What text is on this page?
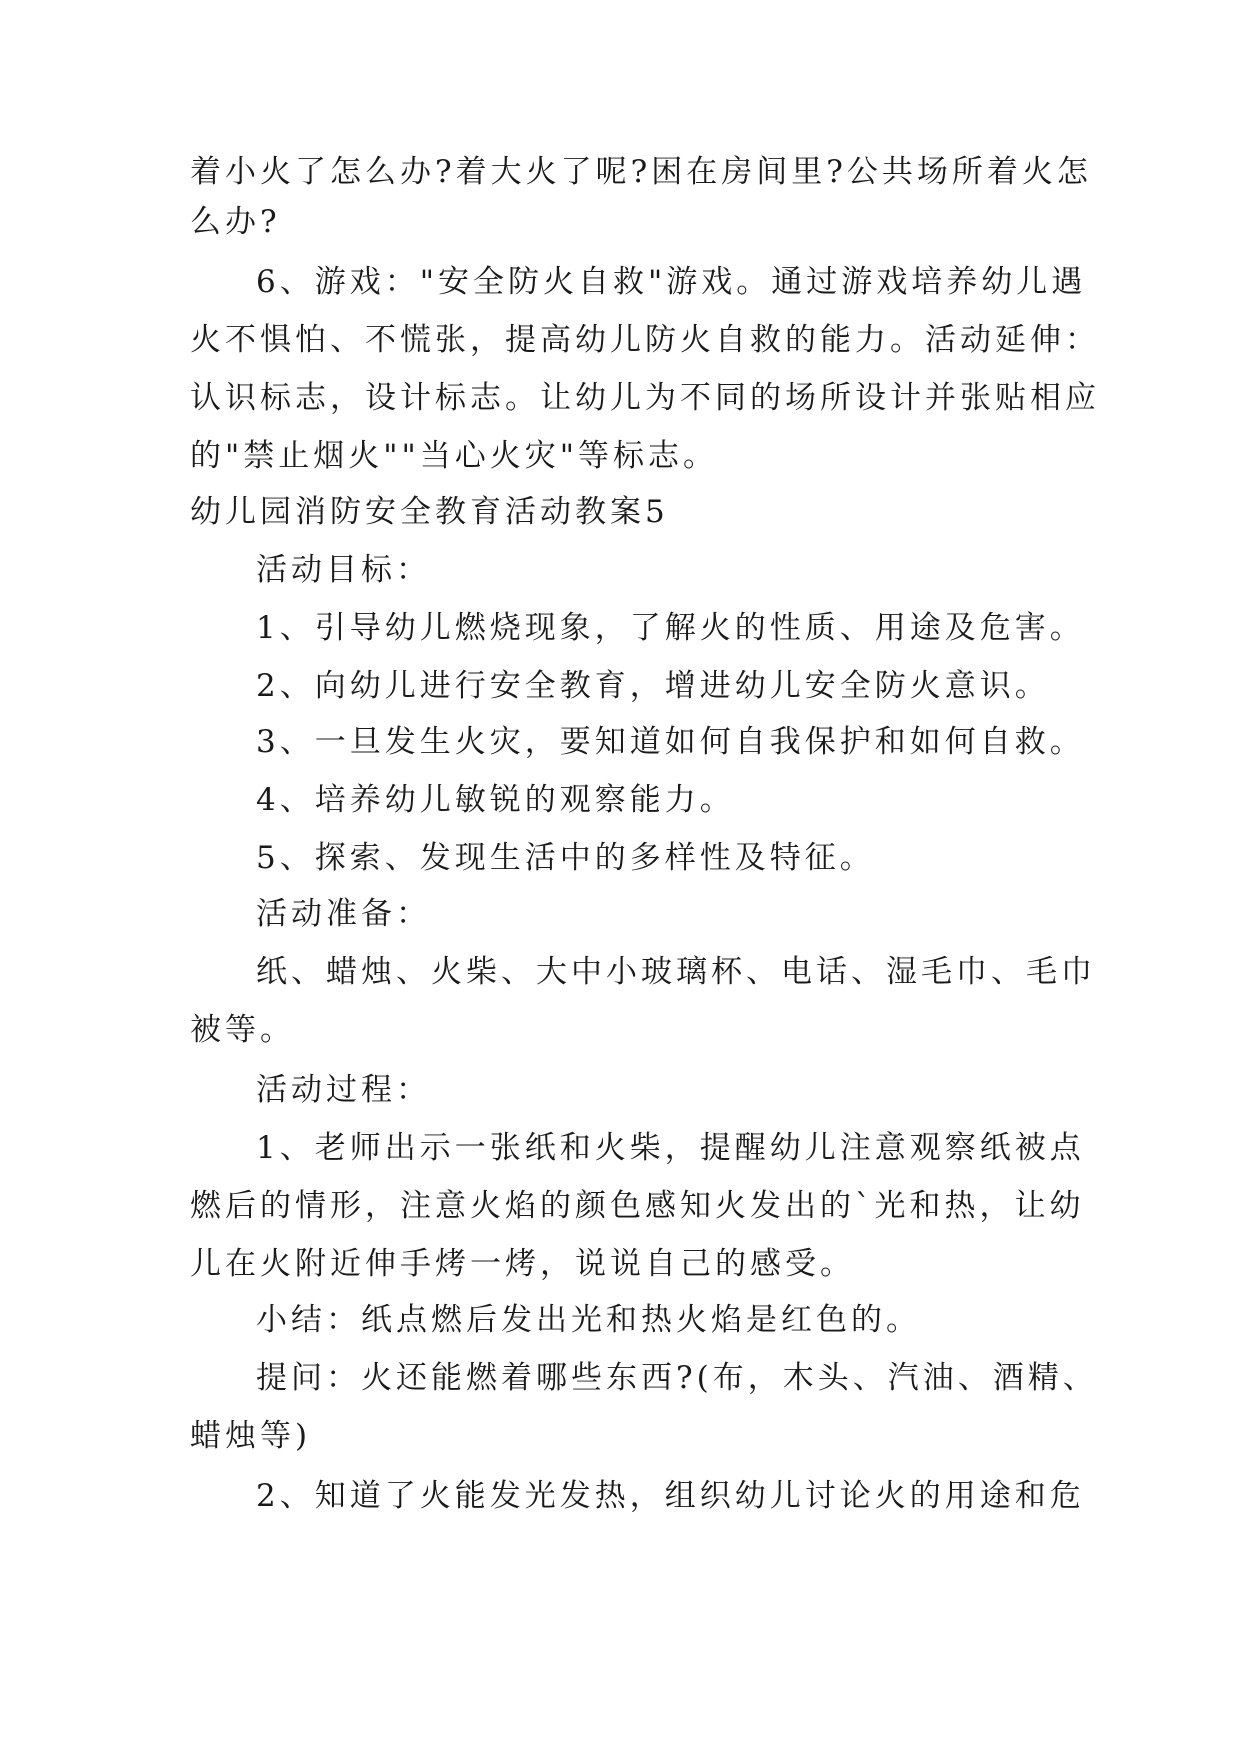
着小火了怎么办?着大火了呢?困在房间里?公共场所着火怎
么办?
6、游戏："安全防火自救"游戏。通过游戏培养幼儿遇
火不惧怕、不慌张，提高幼儿防火自救的能力。活动延伸：
认识标志，设计标志。让幼儿为不同的场所设计并张贴相应
的"禁止烟火""当心火灾"等标志。
幼儿园消防安全教育活动教案5
活动目标：
1、引导幼儿燃烧现象，了解火的性质、用途及危害。
2、向幼儿进行安全教育，增进幼儿安全防火意识。
3、一旦发生火灾，要知道如何自我保护和如何自救。
4、培养幼儿敏锐的观察能力。
5、探索、发现生活中的多样性及特征。
活动准备：
纸、蜡烛、火柴、大中小玻璃杯、电话、湿毛巾、毛巾
被等。
活动过程：
1、老师出示一张纸和火柴，提醒幼儿注意观察纸被点
燃后的情形，注意火焰的颜色感知火发出的`光和热，让幼
儿在火附近伸手烤一烤，说说自己的感受。
小结：纸点燃后发出光和热火焰是红色的。
提问：火还能燃着哪些东西?(布，木头、汽油、酒精、
蜡烛等)
2、知道了火能发光发热，组织幼儿讨论火的用途和危
